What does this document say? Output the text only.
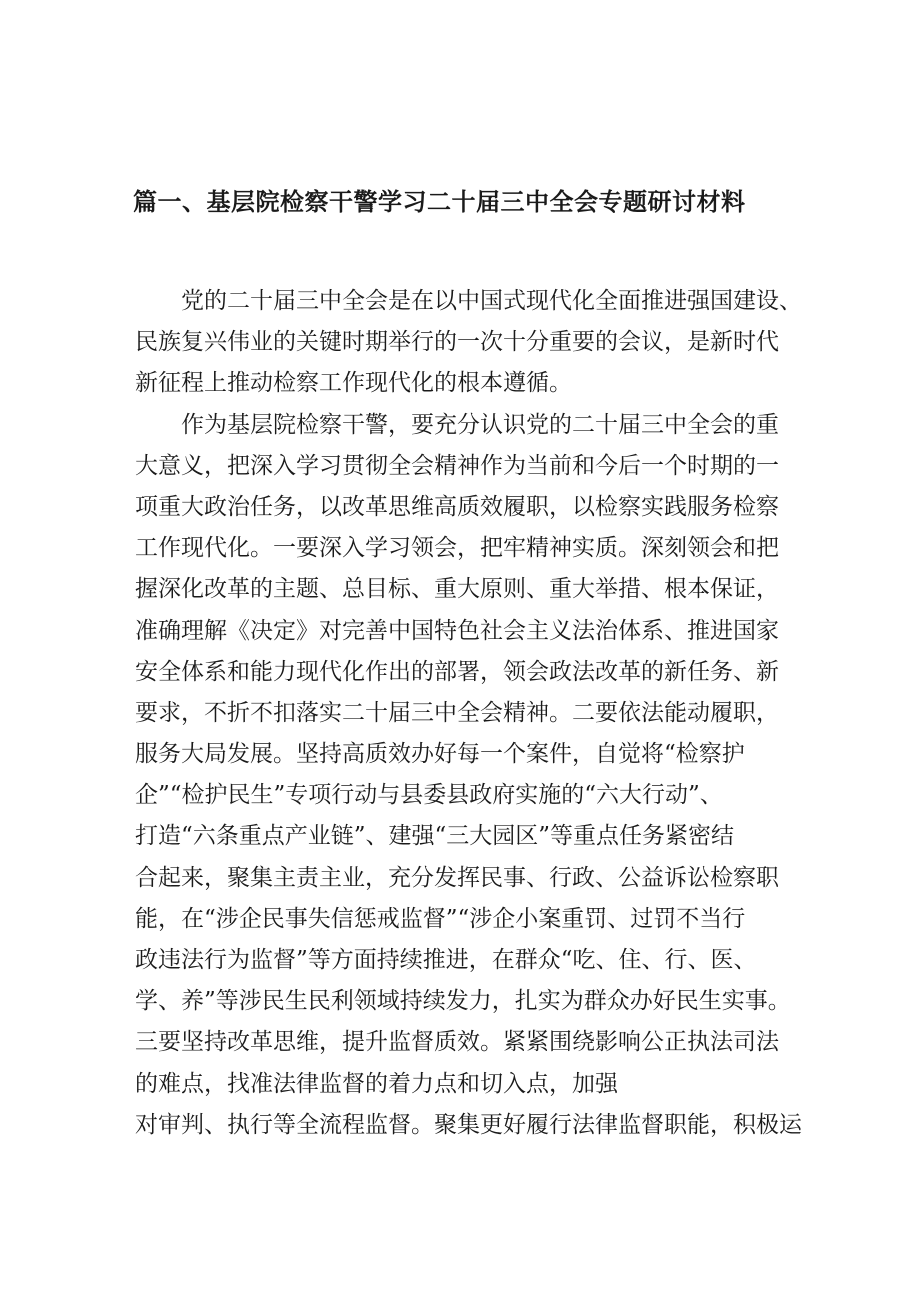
篇一、基层院检察干警学习二十届三中全会专题研讨材料
党的二十届三中全会是在以中国式现代化全面推进强国建设、
民族复兴伟业的关键时期举行的一次十分重要的会议，是新时代
新征程上推动检察工作现代化的根本遵循。
作为基层院检察干警，要充分认识党的二十届三中全会的重
大意义，把深入学习贯彻全会精神作为当前和今后一个时期的一
项重大政治任务，以改革思维高质效履职，以检察实践服务检察
工作现代化。一要深入学习领会，把牢精神实质。深刻领会和把
握深化改革的主题、总目标、重大原则、重大举措、根本保证，
准确理解《决定》对完善中国特色社会主义法治体系、推进国家
安全体系和能力现代化作出的部署，领会政法改革的新任务、新
要求，不折不扣落实二十届三中全会精神。二要依法能动履职，
服务大局发展。坚持高质效办好每一个案件，自觉将“检察护
企”“检护民生”专项行动与县委县政府实施的“六大行动”、
打造“六条重点产业链”、建强“三大园区”等重点任务紧密结
合起来，聚集主责主业，充分发挥民事、行政、公益诉讼检察职
能，在“涉企民事失信惩戒监督”“涉企小案重罚、过罚不当行
政违法行为监督”等方面持续推进，在群众“吃、住、行、医、
学、养”等涉民生民利领域持续发力，扎实为群众办好民生实事。
三要坚持改革思维，提升监督质效。紧紧围绕影响公正执法司法
的难点，找准法律监督的着力点和切入点，加强
对审判、执行等全流程监督。聚集更好履行法律监督职能，积极运
